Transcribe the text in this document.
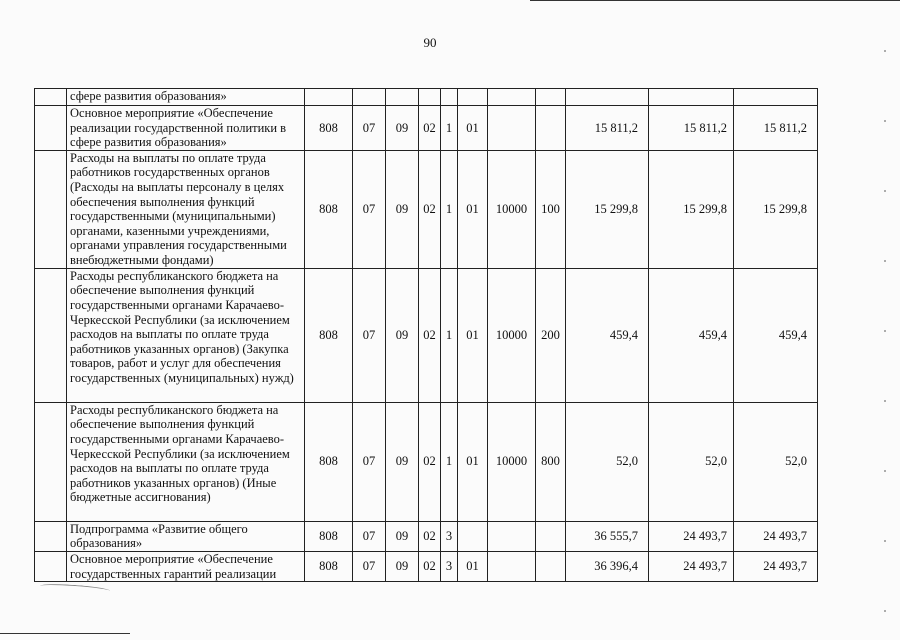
90
	сфере развития образования»											
	Основное мероприятие «Обеспечение реализации государственной политики в сфере развития образования»	808	07	09	02	1	01			15 811,2	15 811,2	15 811,2
	Расходы на выплаты по оплате труда работников государственных органов (Расходы на выплаты персоналу в целях обеспечения выполнения функций государственными (муниципальными) органами, казенными учреждениями, органами управления государственными внебюджетными фондами)	808	07	09	02	1	01	10000	100	15 299,8	15 299,8	15 299,8
	Расходы республиканского бюджета на обеспечение выполнения функций государственными органами Карачаево-Черкесской Республики (за исключением расходов на выплаты по оплате труда работников указанных органов) (Закупка товаров, работ и услуг для обеспечения государственных (муниципальных) нужд)	808	07	09	02	1	01	10000	200	459,4	459,4	459,4
	Расходы республиканского бюджета на обеспечение выполнения функций государственными органами Карачаево-Черкесской Республики (за исключением расходов на выплаты по оплате труда работников указанных органов) (Иные бюджетные ассигнования)	808	07	09	02	1	01	10000	800	52,0	52,0	52,0
	Подпрограмма «Развитие общего образования»	808	07	09	02	3				36 555,7	24 493,7	24 493,7
	Основное мероприятие «Обеспечение государственных гарантий реализации	808	07	09	02	3	01			36 396,4	24 493,7	24 493,7
